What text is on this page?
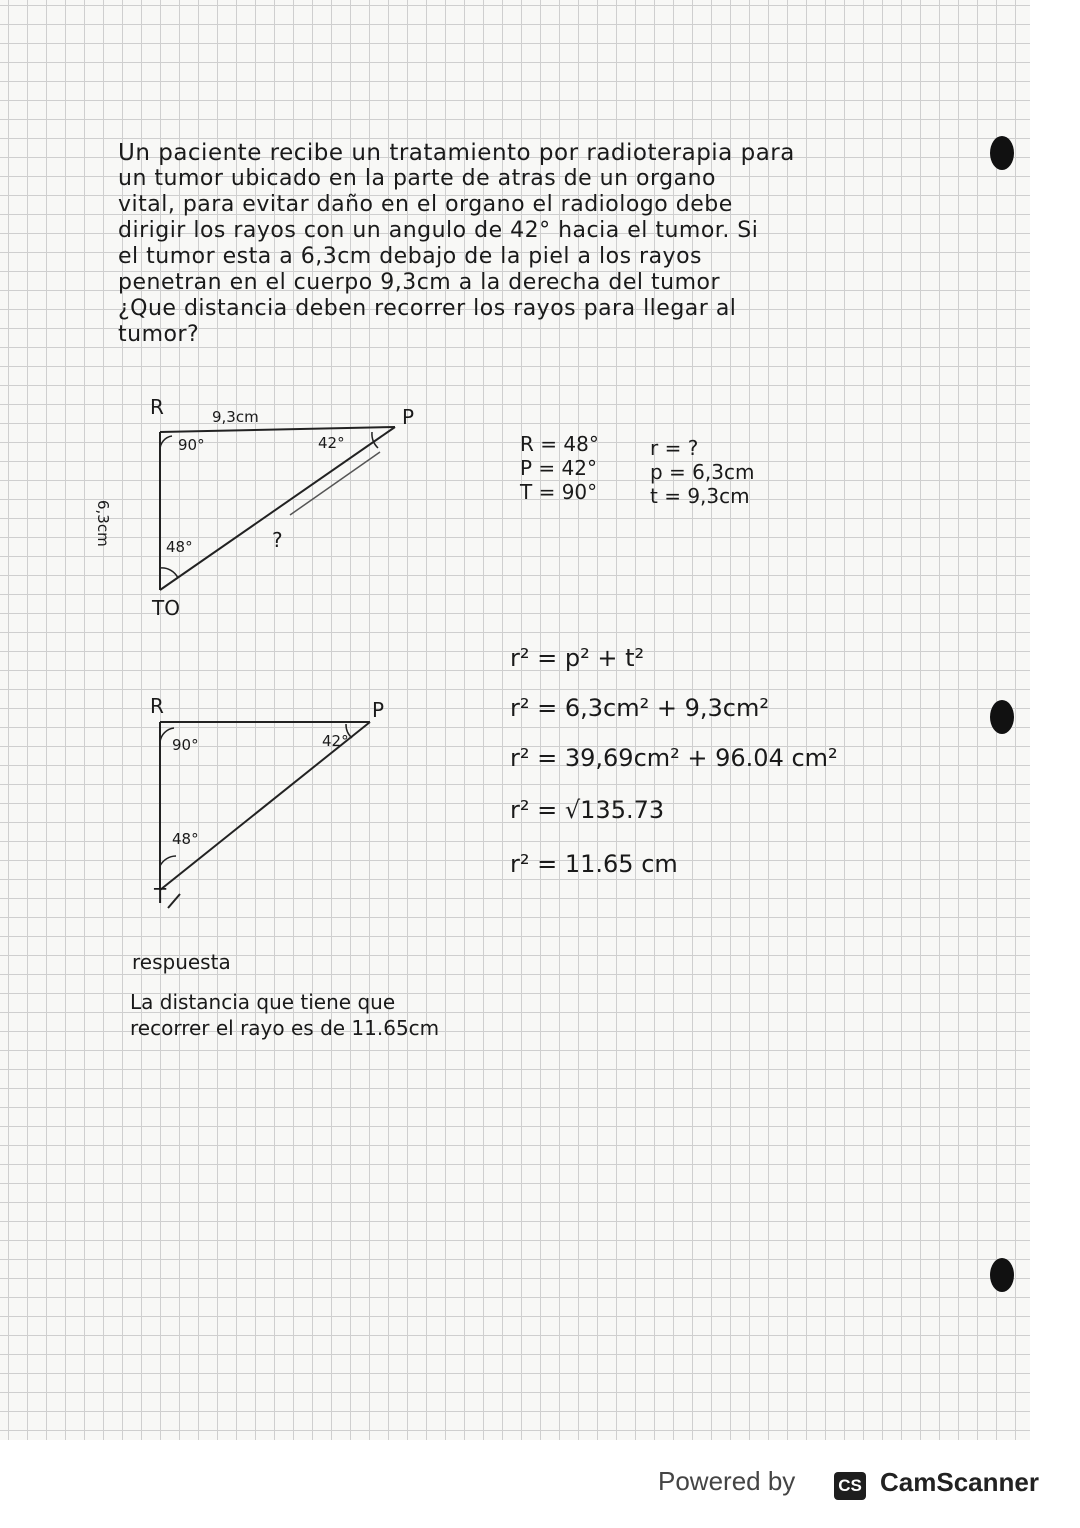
Un paciente recibe un tratamiento por radioterapia para
un tumor ubicado en la parte de atras de un organo
vital, para evitar daño en el organo el radiologo debe
dirigir los rayos con un angulo de 42° hacia el tumor. Si
el tumor esta a 6,3cm debajo de la piel a los rayos
penetran en el cuerpo 9,3cm a la derecha del tumor
¿Que distancia deben recorrer los rayos para llegar al
tumor?
R	9,3cm	P
90°	42°
6,3cm
48°	?
TO
R = 48°
P = 42°
T = 90°
r = ?
p = 6,3cm
t = 9,3cm
R	P
90°	42°
48°
T
r² = p² + t²
r² = 6,3cm² + 9,3cm²
r² = 39,69cm² + 96.04 cm²
r² = √135.73
r² = 11.65 cm
respuesta
La distancia que tiene que
recorrer el rayo es de 11.65cm
Powered by	CS CamScanner
